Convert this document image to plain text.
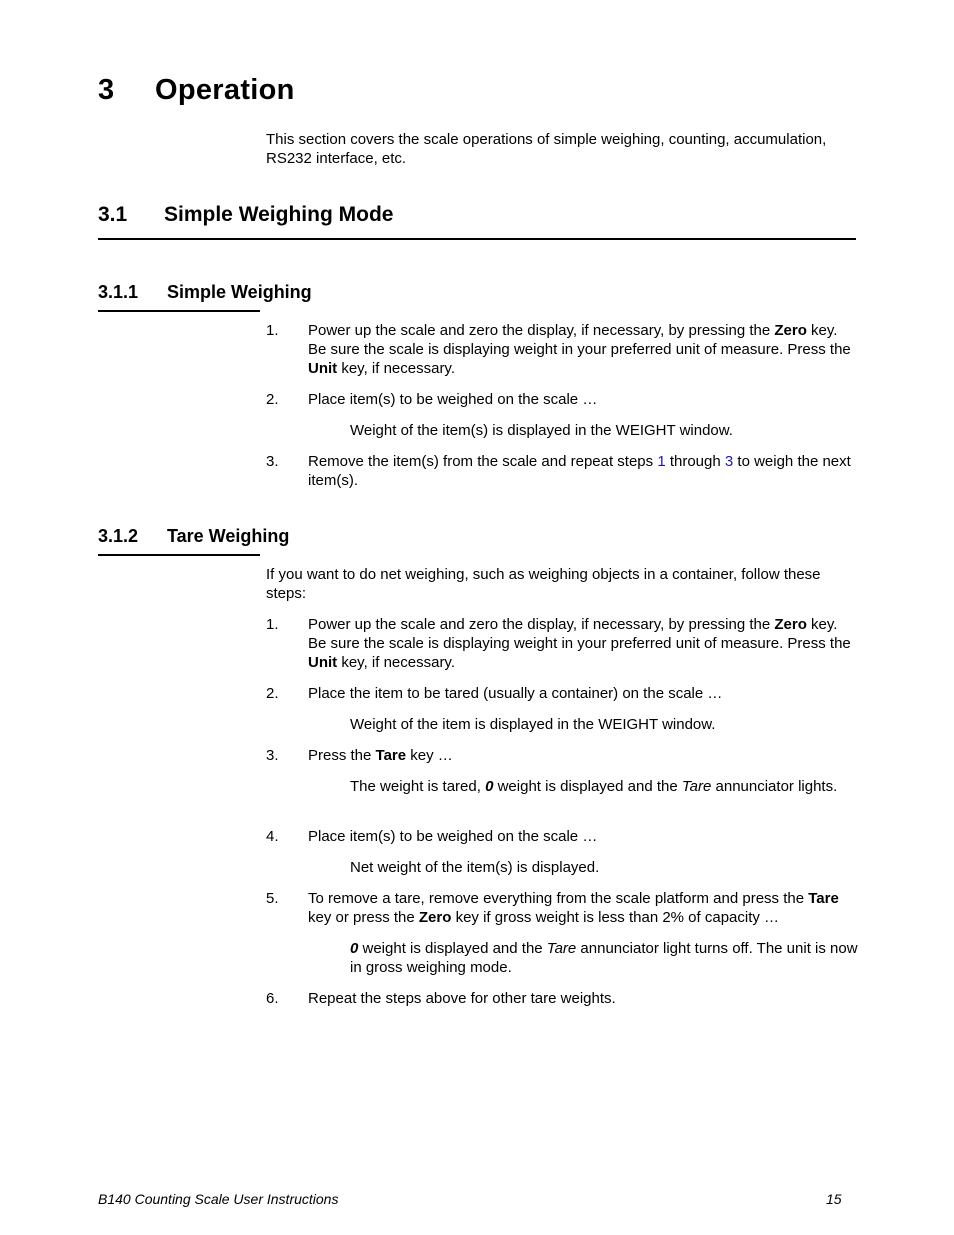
3 Operation
This section covers the scale operations of simple weighing, counting, accumulation, RS232 interface, etc.
3.1 Simple Weighing Mode
3.1.1 Simple Weighing
1.	Power up the scale and zero the display, if necessary, by pressing the Zero key. Be sure the scale is displaying weight in your preferred unit of measure. Press the Unit key, if necessary.
2.	Place item(s) to be weighed on the scale …
Weight of the item(s) is displayed in the WEIGHT window.
3.	Remove the item(s) from the scale and repeat steps 1 through 3 to weigh the next item(s).
3.1.2 Tare Weighing
If you want to do net weighing, such as weighing objects in a container, follow these steps:
1.	Power up the scale and zero the display, if necessary, by pressing the Zero key. Be sure the scale is displaying weight in your preferred unit of measure. Press the Unit key, if necessary.
2.	Place the item to be tared (usually a container) on the scale …
Weight of the item is displayed in the WEIGHT window.
3.	Press the Tare key …
The weight is tared, 0 weight is displayed and the Tare annunciator lights.
4.	Place item(s) to be weighed on the scale …
Net weight of the item(s) is displayed.
5.	To remove a tare, remove everything from the scale platform and press the Tare key or press the Zero key if gross weight is less than 2% of capacity …
0 weight is displayed and the Tare annunciator light turns off. The unit is now in gross weighing mode.
6.	Repeat the steps above for other tare weights.
B140 Counting Scale User Instructions	15
